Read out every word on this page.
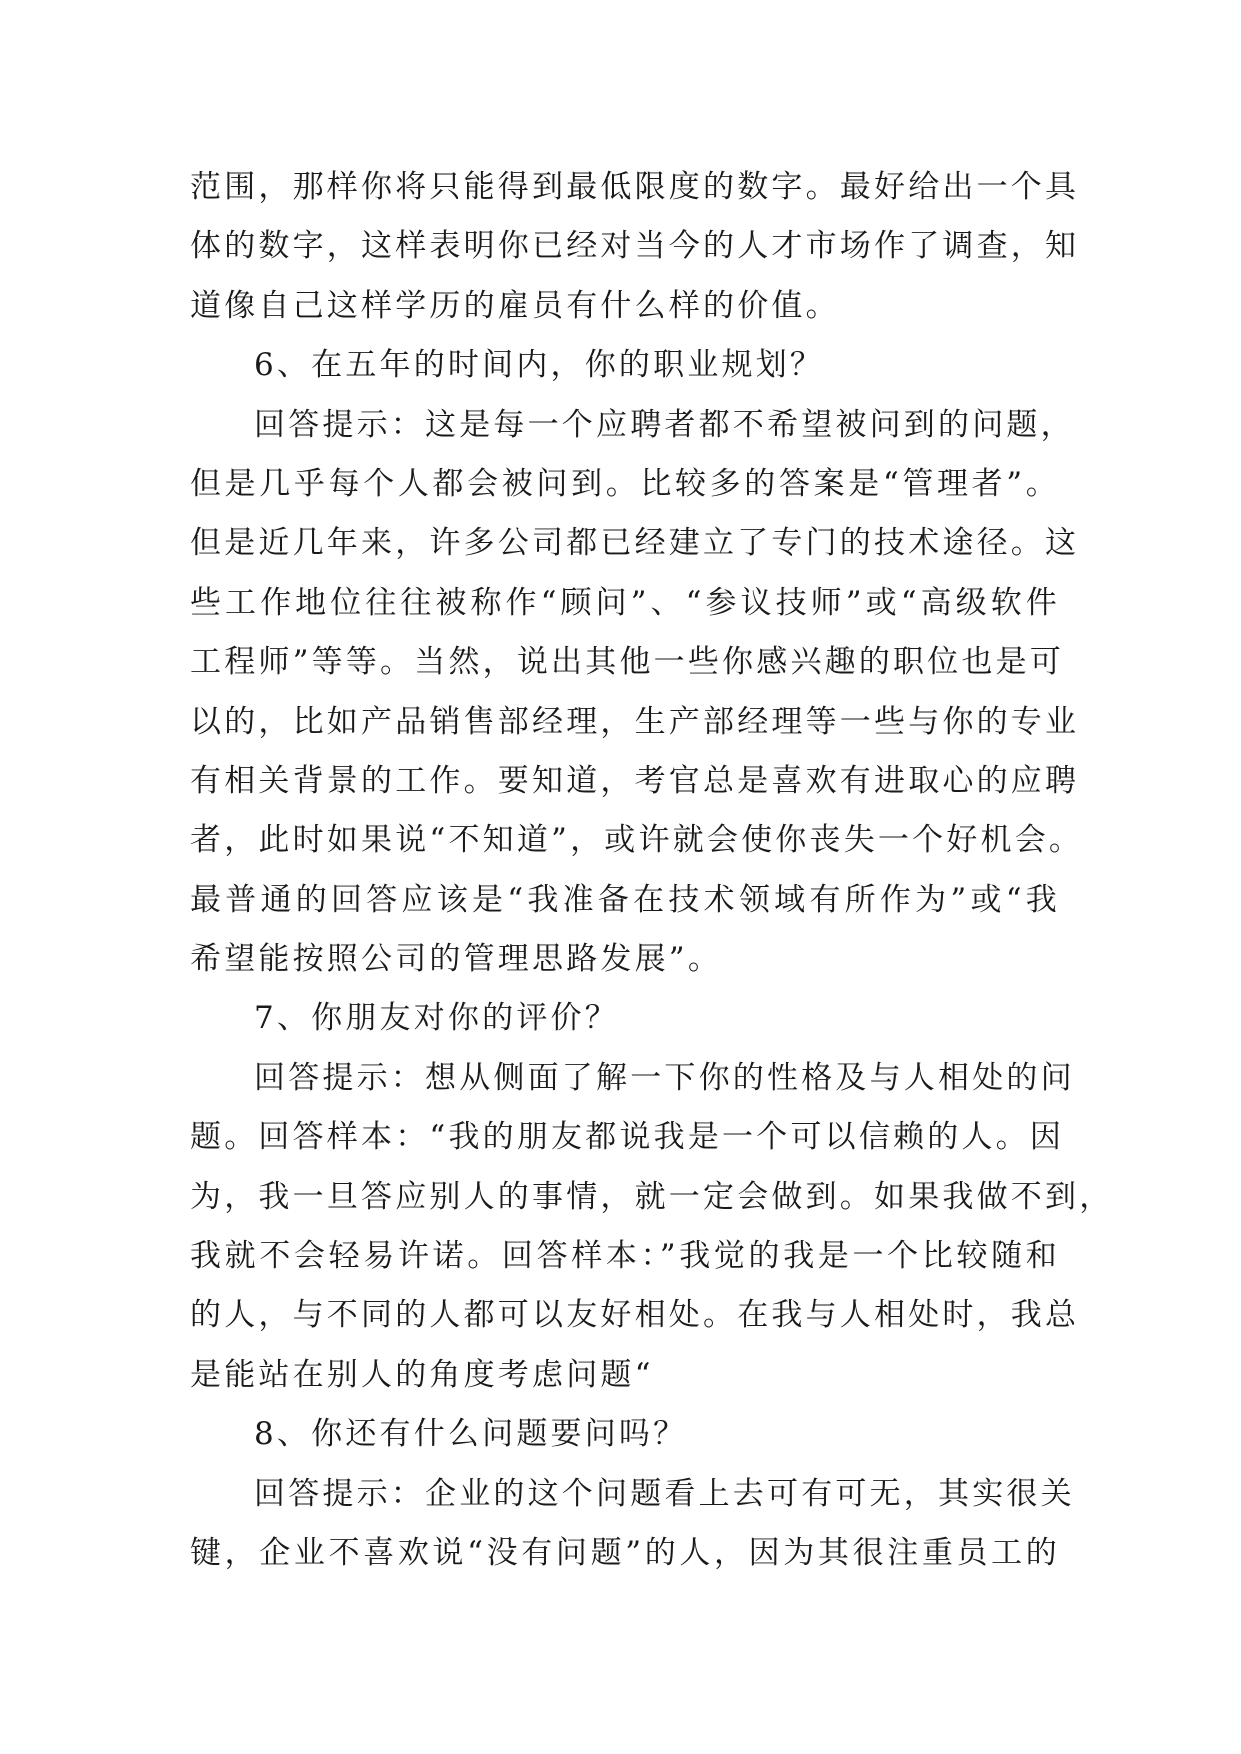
范围，那样你将只能得到最低限度的数字。最好给出一个具
体的数字，这样表明你已经对当今的人才市场作了调查，知
道像自己这样学历的雇员有什么样的价值。
6、在五年的时间内，你的职业规划？
回答提示：这是每一个应聘者都不希望被问到的问题，
但是几乎每个人都会被问到。比较多的答案是“管理者”。
但是近几年来，许多公司都已经建立了专门的技术途径。这
些工作地位往往被称作“顾问”、“参议技师”或“高级软件
工程师”等等。当然，说出其他一些你感兴趣的职位也是可
以的，比如产品销售部经理，生产部经理等一些与你的专业
有相关背景的工作。要知道，考官总是喜欢有进取心的应聘
者，此时如果说“不知道”，或许就会使你丧失一个好机会。
最普通的回答应该是“我准备在技术领域有所作为”或“我
希望能按照公司的管理思路发展”。
7、你朋友对你的评价？
回答提示：想从侧面了解一下你的性格及与人相处的问
题。回答样本：“我的朋友都说我是一个可以信赖的人。因
为，我一旦答应别人的事情，就一定会做到。如果我做不到，
我就不会轻易许诺。回答样本：”我觉的我是一个比较随和
的人，与不同的人都可以友好相处。在我与人相处时，我总
是能站在别人的角度考虑问题“
8、你还有什么问题要问吗？
回答提示：企业的这个问题看上去可有可无，其实很关
键，企业不喜欢说“没有问题”的人，因为其很注重员工的
